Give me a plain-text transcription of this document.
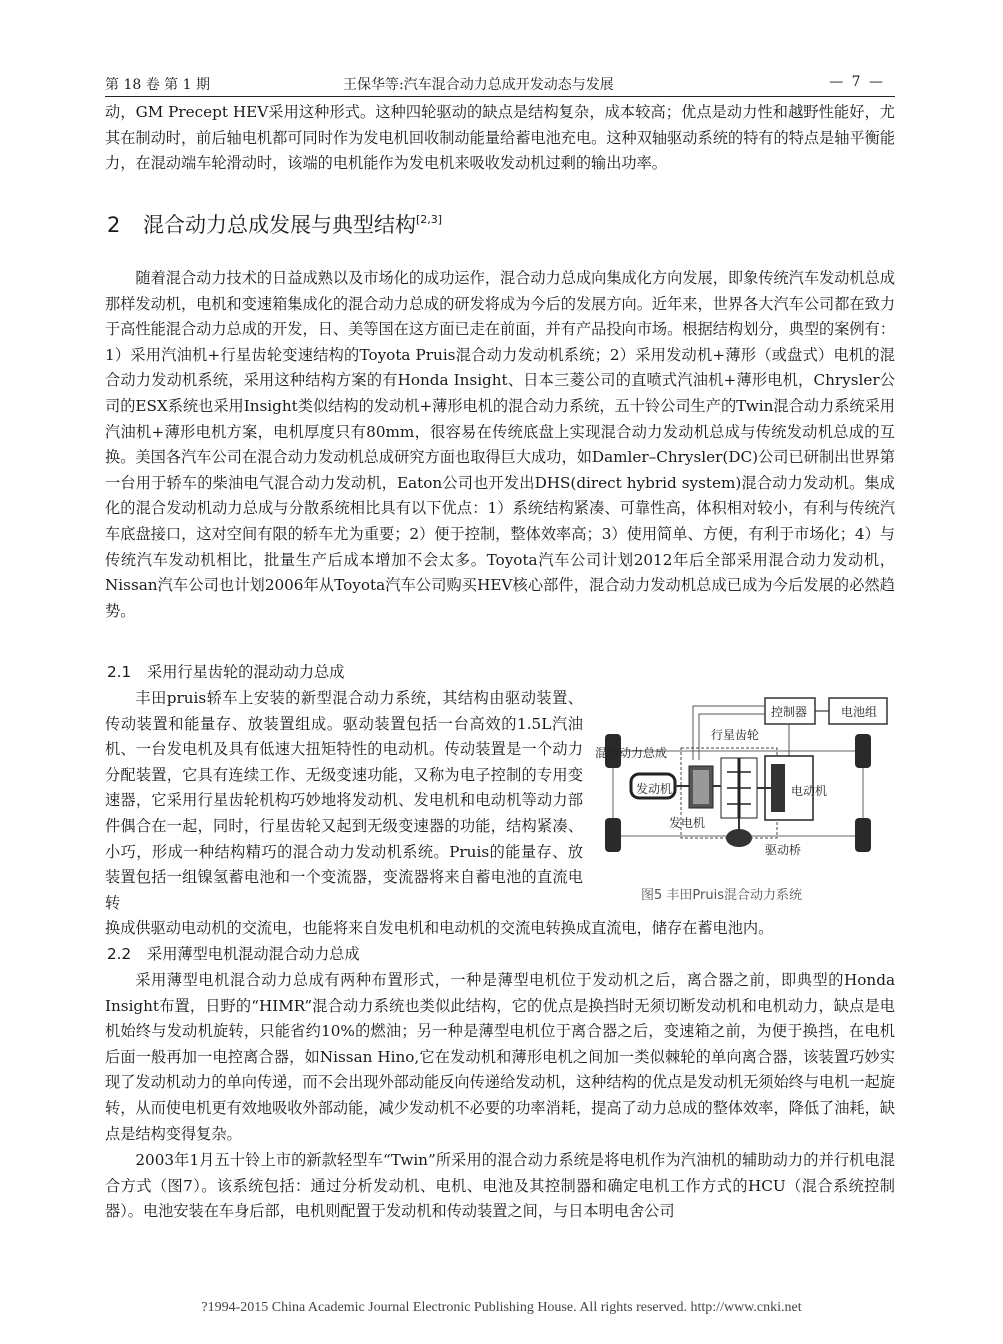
第 18 卷 第 1 期	王保华等:汽车混合动力总成开发动态与发展	— 7 —

动，GM Precept HEV采用这种形式。这种四轮驱动的缺点是结构复杂，成本较高；优点是动力性和越野性能好，尤其在制动时，前后轴电机都可同时作为发电机回收制动能量给蓄电池充电。这种双轴驱动系统的特有的特点是轴平衡能力，在混动端车轮滑动时，该端的电机能作为发电机来吸收发动机过剩的输出功率。

2 混合动力总成发展与典型结构[2,3]

随着混合动力技术的日益成熟以及市场化的成功运作，混合动力总成向集成化方向发展，即象传统汽车发动机总成那样发动机，电机和变速箱集成化的混合动力总成的研发将成为今后的发展方向。近年来，世界各大汽车公司都在致力于高性能混合动力总成的开发，日、美等国在这方面已走在前面，并有产品投向市场。根据结构划分，典型的案例有：1）采用汽油机+行星齿轮变速结构的Toyota Pruis混合动力发动机系统；2）采用发动机+薄形（或盘式）电机的混合动力发动机系统，采用这种结构方案的有Honda Insight、日本三菱公司的直喷式汽油机+薄形电机，Chrysler公司的ESX系统也采用Insight类似结构的发动机+薄形电机的混合动力系统，五十铃公司生产的Twin混合动力系统采用汽油机+薄形电机方案，电机厚度只有80mm，很容易在传统底盘上实现混合动力发动机总成与传统发动机总成的互换。美国各汽车公司在混合动力发动机总成研究方面也取得巨大成功，如Damler–Chrysler(DC)公司已研制出世界第一台用于轿车的柴油电气混合动力发动机，Eaton公司也开发出DHS(direct hybrid system)混合动力发动机。集成化的混合发动机动力总成与分散系统相比具有以下优点：1）系统结构紧凑、可靠性高，体积相对较小，有利与传统汽车底盘接口，这对空间有限的轿车尤为重要；2）便于控制，整体效率高；3）使用简单、方便，有利于市场化；4）与传统汽车发动机相比，批量生产后成本增加不会太多。Toyota汽车公司计划2012年后全部采用混合动力发动机，Nissan汽车公司也计划2006年从Toyota汽车公司购买HEV核心部件，混合动力发动机总成已成为今后发展的必然趋势。

2.1 采用行星齿轮的混动动力总成

丰田pruis轿车上安装的新型混合动力系统，其结构由驱动装置、传动装置和能量存、放装置组成。驱动装置包括一台高效的1.5L汽油机、一台发电机及具有低速大扭矩特性的电动机。传动装置是一个动力分配装置，它具有连续工作、无级变速功能，又称为电子控制的专用变速器，它采用行星齿轮机构巧妙地将发动机、发电机和电动机等动力部件偶合在一起，同时，行星齿轮又起到无级变速器的功能，结构紧凑、小巧，形成一种结构精巧的混合动力发动机系统。Pruis的能量存、放装置包括一组镍氢蓄电池和一个变流器，变流器将来自蓄电池的直流电转

控制器	电池组
行星齿轮
混合动力总成
发动机	电动机
发电机
驱动桥
图5 丰田Pruis混合动力系统

换成供驱动电动机的交流电，也能将来自发电机和电动机的交流电转换成直流电，储存在蓄电池内。

2.2 采用薄型电机混动混合动力总成

采用薄型电机混合动力总成有两种布置形式，一种是薄型电机位于发动机之后，离合器之前，即典型的Honda Insight布置，日野的“HIMR”混合动力系统也类似此结构，它的优点是换挡时无须切断发动机和电机动力，缺点是电机始终与发动机旋转，只能省约10%的燃油；另一种是薄型电机位于离合器之后，变速箱之前，为便于换挡，在电机后面一般再加一电控离合器，如Nissan Hino,它在发动机和薄形电机之间加一类似棘轮的单向离合器，该装置巧妙实现了发动机动力的单向传递，而不会出现外部动能反向传递给发动机，这种结构的优点是发动机无须始终与电机一起旋转，从而使电机更有效地吸收外部动能，减少发动机不必要的功率消耗，提高了动力总成的整体效率，降低了油耗，缺点是结构变得复杂。

2003年1月五十铃上市的新款轻型车“Twin”所采用的混合动力系统是将电机作为汽油机的辅助动力的并行机电混合方式（图7）。该系统包括：通过分析发动机、电机、电池及其控制器和确定电机工作方式的HCU（混合系统控制器）。电池安装在车身后部，电机则配置于发动机和传动装置之间，与日本明电舍公司

?1994-2015 China Academic Journal Electronic Publishing House. All rights reserved. http://www.cnki.net
